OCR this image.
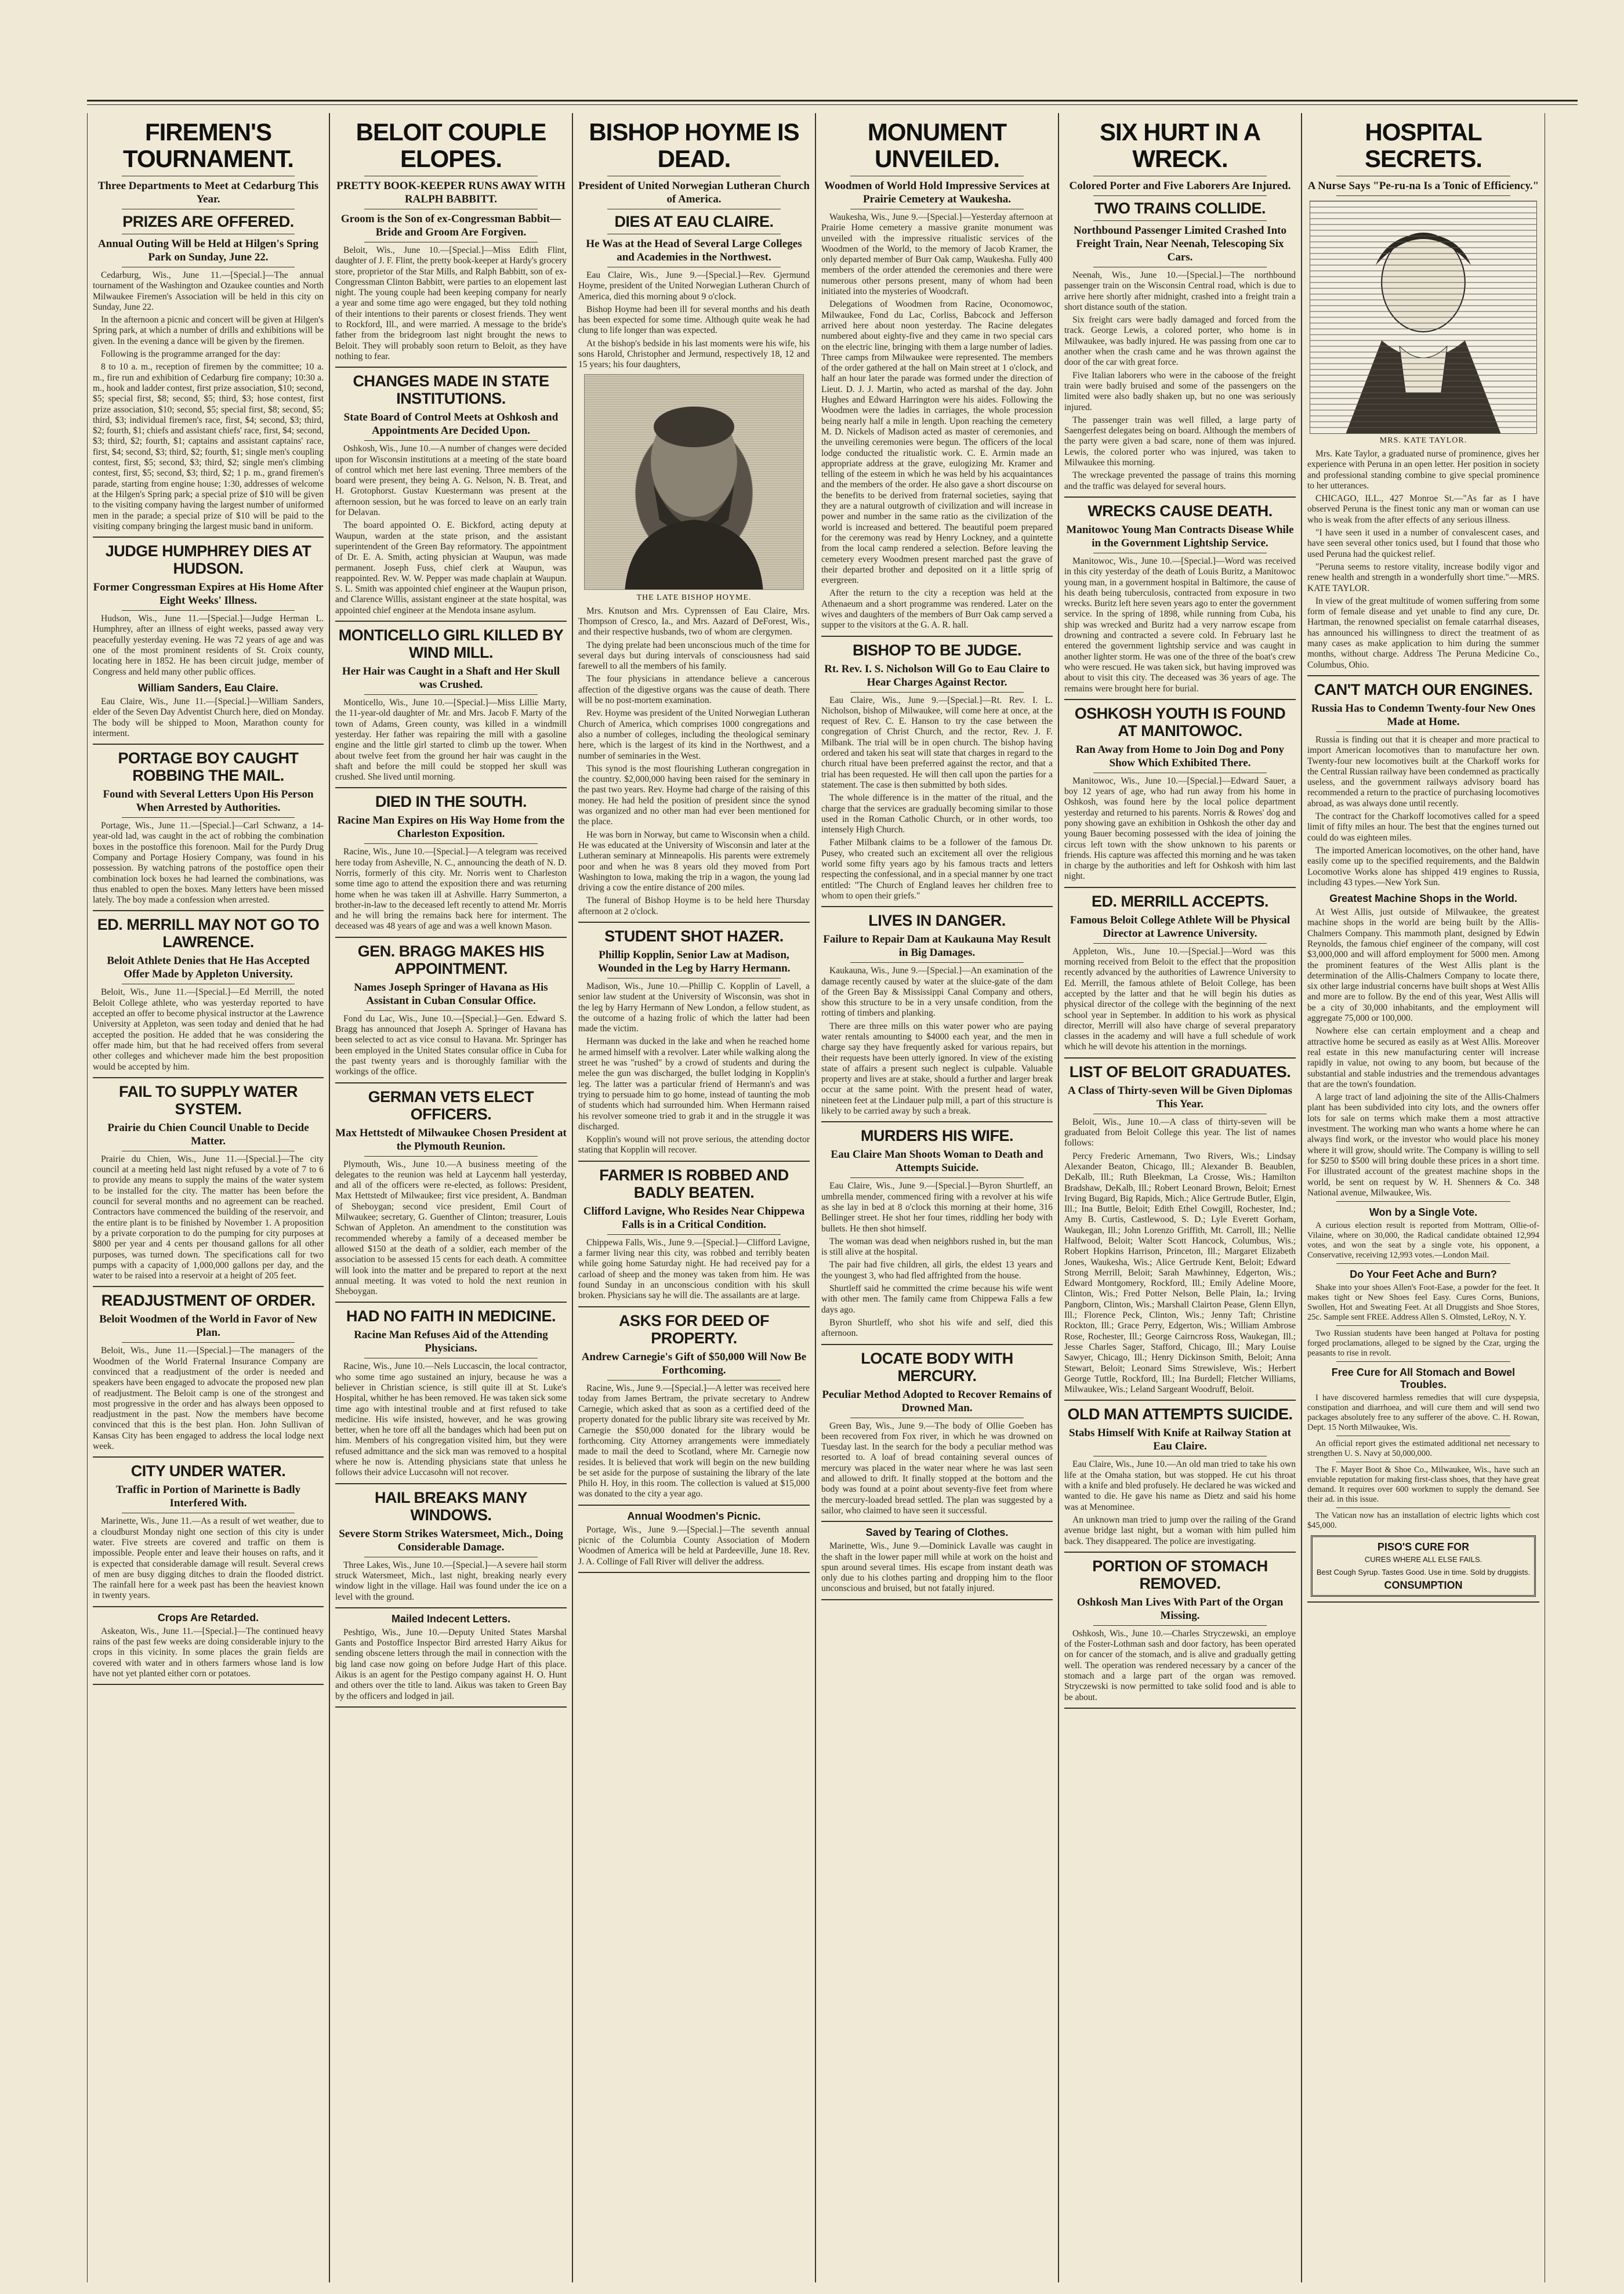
FIREMEN'S TOURNAMENT.
Three Departments to Meet at Cedarburg This Year.
PRIZES ARE OFFERED.
Annual Outing Will be Held at Hilgen's Spring Park on Sunday, June 22.

Cedarburg, Wis., June 11.—[Special.]—The annual tournament of the Washington and Ozaukee counties and North Milwaukee Firemen's Association will be held in this city on Sunday, June 22.

In the afternoon a picnic and concert will be given at Hilgen's Spring park, at which a number of drills and exhibitions will be given. In the evening a dance will be given by the firemen.

Following is the programme arranged for the day:

8 to 10 a. m., reception of firemen by the committee; 10 a. m., fire run and exhibition of Cedarburg fire company; 10:30 a. m., hook and ladder contest, first prize association, $10; second, $5; special first, $8; second, $5; third, $3; hose contest, first prize association, $10; second, $5; special first, $8; second, $5; third, $3; individual firemen's race, first, $4; second, $3; third, $2; fourth, $1; chiefs and assistant chiefs' race, first, $4; second, $3; third, $2; fourth, $1; captains and assistant captains' race, first, $4; second, $3; third, $2; fourth, $1; single men's coupling contest, first, $5; second, $3; third, $2; single men's climbing contest, first, $5; second, $3; third, $2; 1 p. m., grand firemen's parade, starting from engine house; 1:30, addresses of welcome at the Hilgen's Spring park; a special prize of $10 will be given to the visiting company having the largest number of uniformed men in the parade; a special prize of $10 will be paid to the visiting company bringing the largest music band in uniform.

JUDGE HUMPHREY DIES AT HUDSON.
Former Congressman Expires at His Home After Eight Weeks' Illness.

Hudson, Wis., June 11.—[Special.]—Judge Herman L. Humphrey, after an illness of eight weeks, passed away very peacefully yesterday evening. He was 72 years of age and was one of the most prominent residents of St. Croix county, locating here in 1852. He has been circuit judge, member of Congress and held many other public offices.

William Sanders, Eau Claire.

Eau Claire, Wis., June 11.—[Special.]—William Sanders, elder of the Seven Day Adventist Church here, died on Monday. The body will be shipped to Moon, Marathon county for interment.

PORTAGE BOY CAUGHT ROBBING THE MAIL.
Found with Several Letters Upon His Person When Arrested by Authorities.

Portage, Wis., June 11.—[Special.]—Carl Schwanz, a 14-year-old lad, was caught in the act of robbing the combination boxes in the postoffice this forenoon. Mail for the Purdy Drug Company and Portage Hosiery Company, was found in his possession. By watching patrons of the postoffice open their combination lock boxes he had learned the combinations, was thus enabled to open the boxes. Many letters have been missed lately. The boy made a confession when arrested.

ED. MERRILL MAY NOT GO TO LAWRENCE.
Beloit Athlete Denies that He Has Accepted Offer Made by Appleton University.

Beloit, Wis., June 11.—[Special.]—Ed Merrill, the noted Beloit College athlete, who was yesterday reported to have accepted an offer to become physical instructor at the Lawrence University at Appleton, was seen today and denied that he had accepted the position. He added that he was considering the offer made him, but that he had received offers from several other colleges and whichever made him the best proposition would be accepted by him.

FAIL TO SUPPLY WATER SYSTEM.
Prairie du Chien Council Unable to Decide Matter.

Prairie du Chien, Wis., June 11.—[Special.]—The city council at a meeting held last night refused by a vote of 7 to 6 to provide any means to supply the mains of the water system to be installed for the city. The matter has been before the council for several months and no agreement can be reached. Contractors have commenced the building of the reservoir, and the entire plant is to be finished by November 1. A proposition by a private corporation to do the pumping for city purposes at $800 per year and 4 cents per thousand gallons for all other purposes, was turned down. The specifications call for two pumps with a capacity of 1,000,000 gallons per day, and the water to be raised into a reservoir at a height of 205 feet.

READJUSTMENT OF ORDER.
Beloit Woodmen of the World in Favor of New Plan.

Beloit, Wis., June 11.—[Special.]—The managers of the Woodmen of the World Fraternal Insurance Company are convinced that a readjustment of the order is needed and speakers have been engaged to advocate the proposed new plan of readjustment. The Beloit camp is one of the strongest and most progressive in the order and has always been opposed to readjustment in the past. Now the members have become convinced that this is the best plan. Hon. John Sullivan of Kansas City has been engaged to address the local lodge next week.

CITY UNDER WATER.
Traffic in Portion of Marinette is Badly Interfered With.

Marinette, Wis., June 11.—As a result of wet weather, due to a cloudburst Monday night one section of this city is under water. Five streets are covered and traffic on them is impossible. People enter and leave their houses on rafts, and it is expected that considerable damage will result. Several crews of men are busy digging ditches to drain the flooded district. The rainfall here for a week past has been the heaviest known in twenty years.

Crops Are Retarded.

Askeaton, Wis., June 11.—[Special.]—The continued heavy rains of the past few weeks are doing considerable injury to the crops in this vicinity. In some places the grain fields are covered with water and in others farmers whose land is low have not yet planted either corn or potatoes.

BELOIT COUPLE ELOPES.
PRETTY BOOK-KEEPER RUNS AWAY WITH RALPH BABBITT.
Groom is the Son of ex-Congressman Babbit—Bride and Groom Are Forgiven.

Beloit, Wis., June 10.—[Special.]—Miss Edith Flint, daughter of J. F. Flint, the pretty book-keeper at Hardy's grocery store, proprietor of the Star Mills, and Ralph Babbitt, son of ex-Congressman Clinton Babbitt, were parties to an elopement last night. The young couple had been keeping company for nearly a year and some time ago were engaged, but they told nothing of their intentions to their parents or closest friends. They went to Rockford, Ill., and were married. A message to the bride's father from the bridegroom last night brought the news to Beloit. They will probably soon return to Beloit, as they have nothing to fear.

CHANGES MADE IN STATE INSTITUTIONS.
State Board of Control Meets at Oshkosh and Appointments Are Decided Upon.

Oshkosh, Wis., June 10.—A number of changes were decided upon for Wisconsin institutions at a meeting of the state board of control which met here last evening. Three members of the board were present, they being A. G. Nelson, N. B. Treat, and H. Grotophorst. Gustav Kuestermann was present at the afternoon session, but he was forced to leave on an early train for Delavan.

The board appointed O. E. Bickford, acting deputy at Waupun, warden at the state prison, and the assistant superintendent of the Green Bay reformatory. The appointment of Dr. E. A. Smith, acting physician at Waupun, was made permanent. Joseph Fuss, chief clerk at Waupun, was reappointed. Rev. W. W. Pepper was made chaplain at Waupun. S. L. Smith was appointed chief engineer at the Waupun prison, and Clarence Willis, assistant engineer at the state hospital, was appointed chief engineer at the Mendota insane asylum.

MONTICELLO GIRL KILLED BY WIND MILL.
Her Hair was Caught in a Shaft and Her Skull was Crushed.

Monticello, Wis., June 10.—[Special.]—Miss Lillie Marty, the 11-year-old daughter of Mr. and Mrs. Jacob F. Marty of the town of Adams, Green county, was killed in a windmill yesterday. Her father was repairing the mill with a gasoline engine and the little girl started to climb up the tower. When about twelve feet from the ground her hair was caught in the shaft and before the mill could be stopped her skull was crushed. She lived until morning.

DIED IN THE SOUTH.
Racine Man Expires on His Way Home from the Charleston Exposition.

Racine, Wis., June 10.—[Special.]—A telegram was received here today from Asheville, N. C., announcing the death of N. D. Norris, formerly of this city. Mr. Norris went to Charleston some time ago to attend the exposition there and was returning home when he was taken ill at Ashville. Harry Summerton, a brother-in-law to the deceased left recently to attend Mr. Morris and he will bring the remains back here for interment. The deceased was 48 years of age and was a well known Mason.

GEN. BRAGG MAKES HIS APPOINTMENT.
Names Joseph Springer of Havana as His Assistant in Cuban Consular Office.

Fond du Lac, Wis., June 10.—[Special.]—Gen. Edward S. Bragg has announced that Joseph A. Springer of Havana has been selected to act as vice consul to Havana. Mr. Springer has been employed in the United States consular office in Cuba for the past twenty years and is thoroughly familiar with the workings of the office.

GERMAN VETS ELECT OFFICERS.
Max Hettstedt of Milwaukee Chosen President at the Plymouth Reunion.

Plymouth, Wis., June 10.—A business meeting of the delegates to the reunion was held at Laycenm hall yesterday, and all of the officers were re-elected, as follows: President, Max Hettstedt of Milwaukee; first vice president, A. Bandman of Sheboygan; second vice president, Emil Court of Milwaukee; secretary, G. Guenther of Clinton; treasurer, Louis Schwan of Appleton. An amendment to the constitution was recommended whereby a family of a deceased member be allowed $150 at the death of a soldier, each member of the association to be assessed 15 cents for each death. A committee will look into the matter and be prepared to report at the next annual meeting. It was voted to hold the next reunion in Sheboygan.

HAD NO FAITH IN MEDICINE.
Racine Man Refuses Aid of the Attending Physicians.

Racine, Wis., June 10.—Nels Luccascin, the local contractor, who some time ago sustained an injury, because he was a believer in Christian science, is still quite ill at St. Luke's Hospital, whither he has been removed. He was taken sick some time ago with intestinal trouble and at first refused to take medicine. His wife insisted, however, and he was growing better, when he tore off all the bandages which had been put on him. Members of his congregation visited him, but they were refused admittance and the sick man was removed to a hospital where he now is. Attending physicians state that unless he follows their advice Luccasohn will not recover.

HAIL BREAKS MANY WINDOWS.
Severe Storm Strikes Watersmeet, Mich., Doing Considerable Damage.

Three Lakes, Wis., June 10.—[Special.]—A severe hail storm struck Watersmeet, Mich., last night, breaking nearly every window light in the village. Hail was found under the ice on a level with the ground.

Mailed Indecent Letters.

Peshtigo, Wis., June 10.—Deputy United States Marshal Gants and Postoffice Inspector Bird arrested Harry Aikus for sending obscene letters through the mail in connection with the big land case now going on before Judge Hart of this place. Aikus is an agent for the Pestigo company against H. O. Hunt and others over the title to land. Aikus was taken to Green Bay by the officers and lodged in jail.

BISHOP HOYME IS DEAD.
President of United Norwegian Lutheran Church of America.
DIES AT EAU CLAIRE.
He Was at the Head of Several Large Colleges and Academies in the Northwest.

Eau Claire, Wis., June 9.—[Special.]—Rev. Gjermund Hoyme, president of the United Norwegian Lutheran Church of America, died this morning about 9 o'clock.

Bishop Hoyme had been ill for several months and his death has been expected for some time. Although quite weak he had clung to life longer than was expected.

At the bishop's bedside in his last moments were his wife, his sons Harold, Christopher and Jermund, respectively 18, 12 and 15 years; his four daughters,

THE LATE BISHOP HOYME.

Mrs. Knutson and Mrs. Cyprenssen of Eau Claire, Mrs. Thompson of Cresco, Ia., and Mrs. Aazard of DeForest, Wis., and their respective husbands, two of whom are clergymen.

The dying prelate had been unconscious much of the time for several days but during intervals of consciousness had said farewell to all the members of his family.

The four physicians in attendance believe a cancerous affection of the digestive organs was the cause of death. There will be no post-mortem examination.

Rev. Hoyme was president of the United Norwegian Lutheran Church of America, which comprises 1000 congregations and also a number of colleges, including the theological seminary here, which is the largest of its kind in the Northwest, and a number of seminaries in the West.

This synod is the most flourishing Lutheran congregation in the country. $2,000,000 having been raised for the seminary in the past two years. Rev. Hoyme had charge of the raising of this money. He had held the position of president since the synod was organized and no other man had ever been mentioned for the place.

He was born in Norway, but came to Wisconsin when a child. He was educated at the University of Wisconsin and later at the Lutheran seminary at Minneapolis. His parents were extremely poor and when he was 8 years old they moved from Port Washington to Iowa, making the trip in a wagon, the young lad driving a cow the entire distance of 200 miles.

The funeral of Bishop Hoyme is to be held here Thursday afternoon at 2 o'clock.

STUDENT SHOT HAZER.
Phillip Kopplin, Senior Law at Madison, Wounded in the Leg by Harry Hermann.

Madison, Wis., June 10.—Phillip C. Kopplin of Lavell, a senior law student at the University of Wisconsin, was shot in the leg by Harry Hermann of New London, a fellow student, as the outcome of a hazing frolic of which the latter had been made the victim.

Hermann was ducked in the lake and when he reached home he armed himself with a revolver. Later while walking along the street he was "rushed" by a crowd of students and during the melee the gun was discharged, the bullet lodging in Kopplin's leg. The latter was a particular friend of Hermann's and was trying to persuade him to go home, instead of taunting the mob of students which had surrounded him. When Hermann raised his revolver someone tried to grab it and in the struggle it was discharged.

Kopplin's wound will not prove serious, the attending doctor stating that Kopplin will recover.

FARMER IS ROBBED AND BADLY BEATEN.
Clifford Lavigne, Who Resides Near Chippewa Falls is in a Critical Condition.

Chippewa Falls, Wis., June 9.—[Special.]—Clifford Lavigne, a farmer living near this city, was robbed and terribly beaten while going home Saturday night. He had received pay for a carload of sheep and the money was taken from him. He was found Sunday in an unconscious condition with his skull broken. Physicians say he will die. The assailants are at large.

ASKS FOR DEED OF PROPERTY.
Andrew Carnegie's Gift of $50,000 Will Now Be Forthcoming.

Racine, Wis., June 9.—[Special.]—A letter was received here today from James Bertram, the private secretary to Andrew Carnegie, which asked that as soon as a certified deed of the property donated for the public library site was received by Mr. Carnegie the $50,000 donated for the library would be forthcoming. City Attorney arrangements were immediately made to mail the deed to Scotland, where Mr. Carnegie now resides. It is believed that work will begin on the new building be set aside for the purpose of sustaining the library of the late Philo H. Hoy, in this room. The collection is valued at $15,000 was donated to the city a year ago.

Annual Woodmen's Picnic.

Portage, Wis., June 9.—[Special.]—The seventh annual picnic of the Columbia County Association of Modern Woodmen of America will be held at Pardeeville, June 18. Rev. J. A. Collinge of Fall River will deliver the address.

MONUMENT UNVEILED.
Woodmen of World Hold Impressive Services at Prairie Cemetery at Waukesha.

Waukesha, Wis., June 9.—[Special.]—Yesterday afternoon at Prairie Home cemetery a massive granite monument was unveiled with the impressive ritualistic services of the Woodmen of the World, to the memory of Jacob Kramer, the only departed member of Burr Oak camp, Waukesha. Fully 400 members of the order attended the ceremonies and there were numerous other persons present, many of whom had been initiated into the mysteries of Woodcraft.

Delegations of Woodmen from Racine, Oconomowoc, Milwaukee, Fond du Lac, Corliss, Babcock and Jefferson arrived here about noon yesterday. The Racine delegates numbered about eighty-five and they came in two special cars on the electric line, bringing with them a large number of ladies. Three camps from Milwaukee were represented. The members of the order gathered at the hall on Main street at 1 o'clock, and half an hour later the parade was formed under the direction of Lieut. D. J. J. Martin, who acted as marshal of the day. John Hughes and Edward Harrington were his aides. Following the Woodmen were the ladies in carriages, the whole procession being nearly half a mile in length. Upon reaching the cemetery M. D. Nickels of Madison acted as master of ceremonies, and the unveiling ceremonies were begun. The officers of the local lodge conducted the ritualistic work. C. E. Armin made an appropriate address at the grave, eulogizing Mr. Kramer and telling of the esteem in which he was held by his acquaintances and the members of the order. He also gave a short discourse on the benefits to be derived from fraternal societies, saying that they are a natural outgrowth of civilization and will increase in power and number in the same ratio as the civilization of the world is increased and bettered. The beautiful poem prepared for the ceremony was read by Henry Lockney, and a quintette from the local camp rendered a selection. Before leaving the cemetery every Woodmen present marched past the grave of their departed brother and deposited on it a little sprig of evergreen.

After the return to the city a reception was held at the Athenaeum and a short programme was rendered. Later on the wives and daughters of the members of Burr Oak camp served a supper to the visitors at the G. A. R. hall.

BISHOP TO BE JUDGE.
Rt. Rev. I. S. Nicholson Will Go to Eau Claire to Hear Charges Against Rector.

Eau Claire, Wis., June 9.—[Special.]—Rt. Rev. I. L. Nicholson, bishop of Milwaukee, will come here at once, at the request of Rev. C. E. Hanson to try the case between the congregation of Christ Church, and the rector, Rev. J. F. Milbank. The trial will be in open church. The bishop having ordered and taken his seat will state that charges in regard to the church ritual have been preferred against the rector, and that a trial has been requested. He will then call upon the parties for a statement. The case is then submitted by both sides.

The whole difference is in the matter of the ritual, and the charge that the services are gradually becoming similar to those used in the Roman Catholic Church, or in other words, too intensely High Church.

Father Milbank claims to be a follower of the famous Dr. Pusey, who created such an excitement all over the religious world some fifty years ago by his famous tracts and letters respecting the confessional, and in a special manner by one tract entitled: "The Church of England leaves her children free to whom to open their griefs."

LIVES IN DANGER.
Failure to Repair Dam at Kaukauna May Result in Big Damages.

Kaukauna, Wis., June 9.—[Special.]—An examination of the damage recently caused by water at the sluice-gate of the dam of the Green Bay & Mississippi Canal Company and others, show this structure to be in a very unsafe condition, from the rotting of timbers and planking.

There are three mills on this water power who are paying water rentals amounting to $4000 each year, and the men in charge say they have frequently asked for various repairs, but their requests have been utterly ignored. In view of the existing state of affairs a present such neglect is culpable. Valuable property and lives are at stake, should a further and larger break occur at the same point. With the present head of water, nineteen feet at the Lindauer pulp mill, a part of this structure is likely to be carried away by such a break.

MURDERS HIS WIFE.
Eau Claire Man Shoots Woman to Death and Attempts Suicide.

Eau Claire, Wis., June 9.—[Special.]—Byron Shurtleff, an umbrella mender, commenced firing with a revolver at his wife as she lay in bed at 8 o'clock this morning at their home, 316 Bellinger street. He shot her four times, riddling her body with bullets. He then shot himself.

The woman was dead when neighbors rushed in, but the man is still alive at the hospital.

The pair had five children, all girls, the eldest 13 years and the youngest 3, who had fled affrighted from the house.

Shurtleff said he committed the crime because his wife went with other men. The family came from Chippewa Falls a few days ago.

Byron Shurtleff, who shot his wife and self, died this afternoon.

LOCATE BODY WITH MERCURY.
Peculiar Method Adopted to Recover Remains of Drowned Man.

Green Bay, Wis., June 9.—The body of Ollie Goeben has been recovered from Fox river, in which he was drowned on Tuesday last. In the search for the body a peculiar method was resorted to. A loaf of bread containing several ounces of mercury was placed in the water near where he was last seen and allowed to drift. It finally stopped at the bottom and the body was found at a point about seventy-five feet from where the mercury-loaded bread settled. The plan was suggested by a sailor, who claimed to have seen it successful.

Saved by Tearing of Clothes.

Marinette, Wis., June 9.—Dominick Lavalle was caught in the shaft in the lower paper mill while at work on the hoist and spun around several times. His escape from instant death was only due to his clothes parting and dropping him to the floor unconscious and bruised, but not fatally injured.

SIX HURT IN A WRECK.
Colored Porter and Five Laborers Are Injured.
TWO TRAINS COLLIDE.
Northbound Passenger Limited Crashed Into Freight Train, Near Neenah, Telescoping Six Cars.

Neenah, Wis., June 10.—[Special.]—The northbound passenger train on the Wisconsin Central road, which is due to arrive here shortly after midnight, crashed into a freight train a short distance south of the station.

Six freight cars were badly damaged and forced from the track. George Lewis, a colored porter, who home is in Milwaukee, was badly injured. He was passing from one car to another when the crash came and he was thrown against the door of the car with great force.

Five Italian laborers who were in the caboose of the freight train were badly bruised and some of the passengers on the limited were also badly shaken up, but no one was seriously injured.

The passenger train was well filled, a large party of Saengerfest delegates being on board. Although the members of the party were given a bad scare, none of them was injured. Lewis, the colored porter who was injured, was taken to Milwaukee this morning.

The wreckage prevented the passage of trains this morning and the traffic was delayed for several hours.

WRECKS CAUSE DEATH.
Manitowoc Young Man Contracts Disease While in the Government Lightship Service.

Manitowoc, Wis., June 10.—[Special.]—Word was received in this city yesterday of the death of Louis Buritz, a Manitowoc young man, in a government hospital in Baltimore, the cause of his death being tuberculosis, contracted from exposure in two wrecks. Buritz left here seven years ago to enter the government service. In the spring of 1898, while running from Cuba, his ship was wrecked and Buritz had a very narrow escape from drowning and contracted a severe cold. In February last he entered the government lightship service and was caught in another lighter storm. He was one of the three of the boat's crew who were rescued. He was taken sick, but having improved was about to visit this city. The deceased was 36 years of age. The remains were brought here for burial.

OSHKOSH YOUTH IS FOUND AT MANITOWOC.
Ran Away from Home to Join Dog and Pony Show Which Exhibited There.

Manitowoc, Wis., June 10.—[Special.]—Edward Sauer, a boy 12 years of age, who had run away from his home in Oshkosh, was found here by the local police department yesterday and returned to his parents. Norris & Rowes' dog and pony showing gave an exhibition in Oshkosh the other day and young Bauer becoming possessed with the idea of joining the circus left town with the show unknown to his parents or friends. His capture was affected this morning and he was taken in charge by the authorities and left for Oshkosh with him last night.

ED. MERRILL ACCEPTS.
Famous Beloit College Athlete Will be Physical Director at Lawrence University.

Appleton, Wis., June 10.—[Special.]—Word was this morning received from Beloit to the effect that the proposition recently advanced by the authorities of Lawrence University to Ed. Merrill, the famous athlete of Beloit College, has been accepted by the latter and that he will begin his duties as physical director of the college with the beginning of the next school year in September. In addition to his work as physical director, Merrill will also have charge of several preparatory classes in the academy and will have a full schedule of work which he will devote his attention in the mornings.

LIST OF BELOIT GRADUATES.
A Class of Thirty-seven Will be Given Diplomas This Year.

Beloit, Wis., June 10.—A class of thirty-seven will be graduated from Beloit College this year. The list of names follows:

Percy Frederic Arnemann, Two Rivers, Wis.; Lindsay Alexander Beaton, Chicago, Ill.; Alexander B. Beaublen, DeKalb, Ill.; Ruth Bleekman, La Crosse, Wis.; Hamilton Bradshaw, DeKalb, Ill.; Robert Leonard Brown, Beloit; Ernest Irving Bugard, Big Rapids, Mich.; Alice Gertrude Butler, Elgin, Ill.; Ina Buttle, Beloit; Edith Ethel Cowgill, Rochester, Ind.; Amy B. Curtis, Castlewood, S. D.; Lyle Everett Gorham, Waukegan, Ill.; John Lorenzo Griffith, Mt. Carroll, Ill.; Nellie Halfwood, Beloit; Walter Scott Hancock, Columbus, Wis.; Robert Hopkins Harrison, Princeton, Ill.; Margaret Elizabeth Jones, Waukesha, Wis.; Alice Gertrude Kent, Beloit; Edward Strong Merrill, Beloit; Sarah Mawhinney, Edgerton, Wis.; Edward Montgomery, Rockford, Ill.; Emily Adeline Moore, Clinton, Wis.; Fred Potter Nelson, Belle Plain, Ia.; Irving Pangborn, Clinton, Wis.; Marshall Clairton Pease, Glenn Ellyn, Ill.; Florence Peck, Clinton, Wis.; Jenny Taft; Christine Rockton, Ill.; Grace Perry, Edgerton, Wis.; William Ambrose Rose, Rochester, Ill.; George Cairncross Ross, Waukegan, Ill.; Jesse Charles Sager, Stafford, Chicago, Ill.; Mary Louise Sawyer, Chicago, Ill.; Henry Dickinson Smith, Beloit; Anna Stewart, Beloit; Leonard Sims Strewisleve, Wis.; Herbert George Tuttle, Rockford, Ill.; Ina Burdell; Fletcher Williams, Milwaukee, Wis.; Leland Sargeant Woodruff, Beloit.

OLD MAN ATTEMPTS SUICIDE.
Stabs Himself With Knife at Railway Station at Eau Claire.

Eau Claire, Wis., June 10.—An old man tried to take his own life at the Omaha station, but was stopped. He cut his throat with a knife and bled profusely. He declared he was wicked and wanted to die. He gave his name as Dietz and said his home was at Menominee.

An unknown man tried to jump over the railing of the Grand avenue bridge last night, but a woman with him pulled him back. They disappeared. The police are investigating.

PORTION OF STOMACH REMOVED.
Oshkosh Man Lives With Part of the Organ Missing.

Oshkosh, Wis., June 10.—Charles Stryczewski, an employe of the Foster-Lothman sash and door factory, has been operated on for cancer of the stomach, and is alive and gradually getting well. The operation was rendered necessary by a cancer of the stomach and a large part of the organ was removed. Stryczewski is now permitted to take solid food and is able to be about.

HOSPITAL SECRETS.
A Nurse Says "Pe-ru-na Is a Tonic of Efficiency."
MRS. KATE TAYLOR.

Mrs. Kate Taylor, a graduated nurse of prominence, gives her experience with Peruna in an open letter. Her position in society and professional standing combine to give special prominence to her utterances.

CHICAGO, ILL., 427 Monroe St.—"As far as I have observed Peruna is the finest tonic any man or woman can use who is weak from the after effects of any serious illness.

"I have seen it used in a number of convalescent cases, and have seen several other tonics used, but I found that those who used Peruna had the quickest relief.

"Peruna seems to restore vitality, increase bodily vigor and renew health and strength in a wonderfully short time."—MRS. KATE TAYLOR.

In view of the great multitude of women suffering from some form of female disease and yet unable to find any cure, Dr. Hartman, the renowned specialist on female catarrhal diseases, has announced his willingness to direct the treatment of as many cases as make application to him during the summer months, without charge. Address The Peruna Medicine Co., Columbus, Ohio.

CAN'T MATCH OUR ENGINES.
Russia Has to Condemn Twenty-four New Ones Made at Home.

Russia is finding out that it is cheaper and more practical to import American locomotives than to manufacture her own. Twenty-four new locomotives built at the Charkoff works for the Central Russian railway have been condemned as practically useless, and the government railways advisory board has recommended a return to the practice of purchasing locomotives abroad, as was always done until recently.

The contract for the Charkoff locomotives called for a speed limit of fifty miles an hour. The best that the engines turned out could do was eighteen miles.

The imported American locomotives, on the other hand, have easily come up to the specified requirements, and the Baldwin Locomotive Works alone has shipped 419 engines to Russia, including 43 types.—New York Sun.

Greatest Machine Shops in the World.

At West Allis, just outside of Milwaukee, the greatest machine shops in the world are being built by the Allis-Chalmers Company. This mammoth plant, designed by Edwin Reynolds, the famous chief engineer of the company, will cost $3,000,000 and will afford employment for 5000 men. Among the prominent features of the West Allis plant is the determination of the Allis-Chalmers Company to locate there, six other large industrial concerns have built shops at West Allis and more are to follow. By the end of this year, West Allis will be a city of 30,000 inhabitants, and the employment will aggregate 75,000 or 100,000.

Nowhere else can certain employment and a cheap and attractive home be secured as easily as at West Allis. Moreover real estate in this new manufacturing center will increase rapidly in value, not owing to any boom, but because of the substantial and stable industries and the tremendous advantages that are the town's foundation.

A large tract of land adjoining the site of the Allis-Chalmers plant has been subdivided into city lots, and the owners offer lots for sale on terms which make them a most attractive investment. The working man who wants a home where he can always find work, or the investor who would place his money where it will grow, should write. The Company is willing to sell for $250 to $500 will bring double these prices in a short time. For illustrated account of the greatest machine shops in the world, be sent on request by W. H. Shenners & Co. 348 National avenue, Milwaukee, Wis.

Won by a Single Vote.

A curious election result is reported from Mottram, Ollie-of-Vilaine, where on 30,000, the Radical candidate obtained 12,994 votes, and won the seat by a single vote, his opponent, a Conservative, receiving 12,993 votes.—London Mail.

Do Your Feet Ache and Burn?

Shake into your shoes Allen's Foot-Ease, a powder for the feet. It makes tight or New Shoes feel Easy. Cures Corns, Bunions, Swollen, Hot and Sweating Feet. At all Druggists and Shoe Stores, 25c. Sample sent FREE. Address Allen S. Olmsted, LeRoy, N. Y.

Two Russian students have been hanged at Poltava for posting forged proclamations, alleged to be signed by the Czar, urging the peasants to rise in revolt.

Free Cure for All Stomach and Bowel Troubles.

I have discovered harmless remedies that will cure dyspepsia, constipation and diarrhoea, and will cure them and will send two packages absolutely free to any sufferer of the above. C. H. Rowan, Dept. 15 North Milwaukee, Wis.

An official report gives the estimated additional net necessary to strengthen U. S. Navy at 50,000,000.

The F. Mayer Boot & Shoe Co., Milwaukee, Wis., have such an enviable reputation for making first-class shoes, that they have great demand. It requires over 600 workmen to supply the demand. See their ad. in this issue.

The Vatican now has an installation of electric lights which cost $45,000.

PISO'S CURE FOR
CURES WHERE ALL ELSE FAILS.
Best Cough Syrup. Tastes Good. Use in time. Sold by druggists.
CONSUMPTION
